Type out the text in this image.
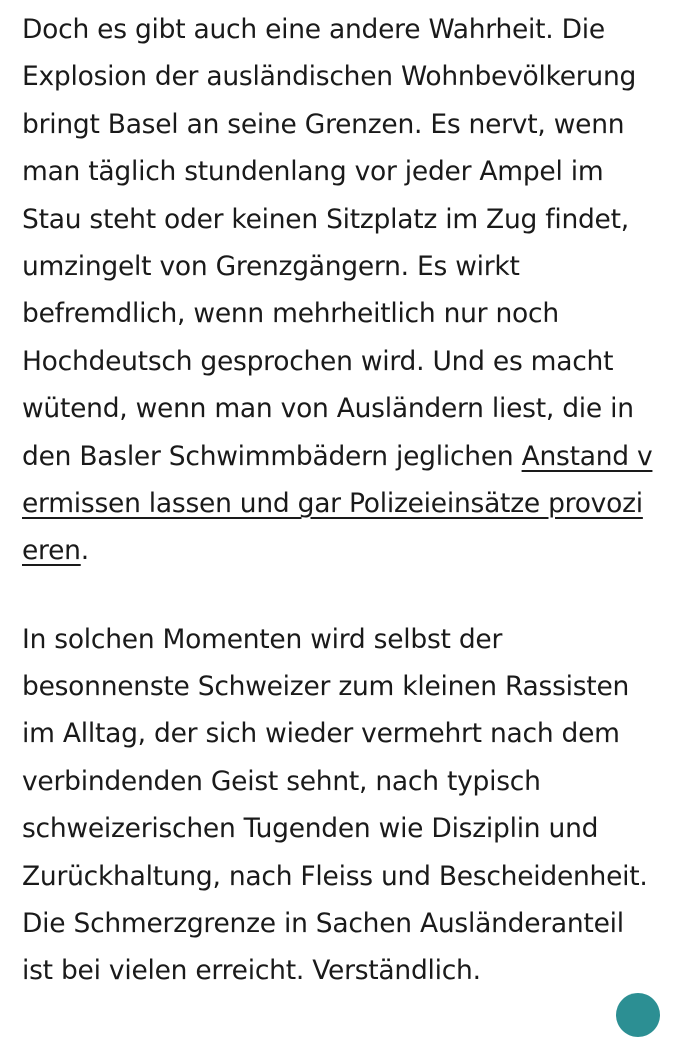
Doch es gibt auch eine andere Wahrheit. Die
Explosion der ausländischen Wohnbevölkerung
bringt Basel an seine Grenzen. Es nervt, wenn
man täglich stundenlang vor jeder Ampel im
Stau steht oder keinen Sitzplatz im Zug findet,
umzingelt von Grenzgängern. Es wirkt
befremdlich, wenn mehrheitlich nur noch
Hochdeutsch gesprochen wird. Und es macht
wütend, wenn man von Ausländern liest, die in
den Basler Schwimmbädern jeglichen Anstand v
ermissen lassen und gar Polizeieinsätze provozi
eren.
In solchen Momenten wird selbst der
besonnenste Schweizer zum kleinen Rassisten
im Alltag, der sich wieder vermehrt nach dem
verbindenden Geist sehnt, nach typisch
schweizerischen Tugenden wie Disziplin und
Zurückhaltung, nach Fleiss und Bescheidenheit.
Die Schmerzgrenze in Sachen Ausländeranteil
ist bei vielen erreicht. Verständlich.
